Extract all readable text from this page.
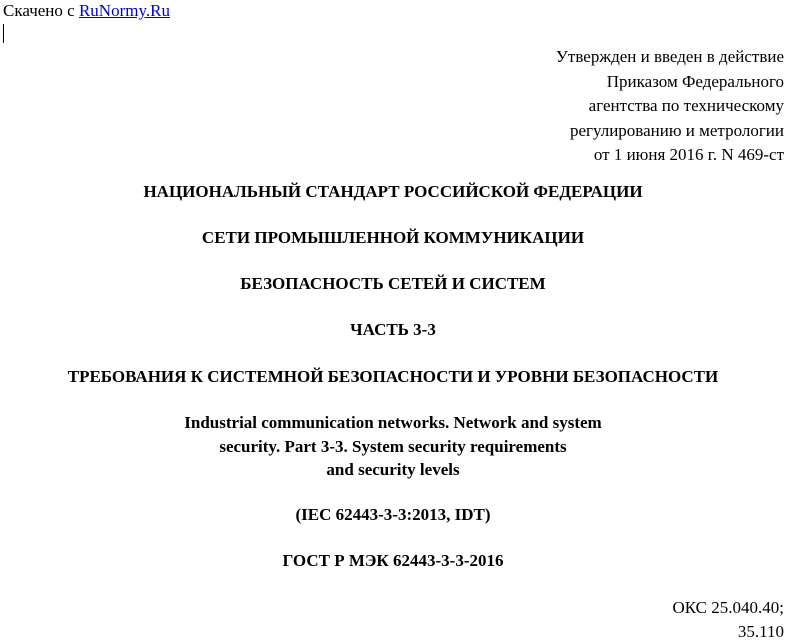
Скачено с RuNormy.Ru
Утвержден и введен в действие
Приказом Федерального
агентства по техническому
регулированию и метрологии
от 1 июня 2016 г. N 469-ст
НАЦИОНАЛЬНЫЙ СТАНДАРТ РОССИЙСКОЙ ФЕДЕРАЦИИ
СЕТИ ПРОМЫШЛЕННОЙ КОММУНИКАЦИИ
БЕЗОПАСНОСТЬ СЕТЕЙ И СИСТЕМ
ЧАСТЬ 3-3
ТРЕБОВАНИЯ К СИСТЕМНОЙ БЕЗОПАСНОСТИ И УРОВНИ БЕЗОПАСНОСТИ
Industrial communication networks. Network and system
security. Part 3-3. System security requirements
and security levels
(IEC 62443-3-3:2013, IDT)
ГОСТ Р МЭК 62443-3-3-2016
ОКС 25.040.40;
35.110
